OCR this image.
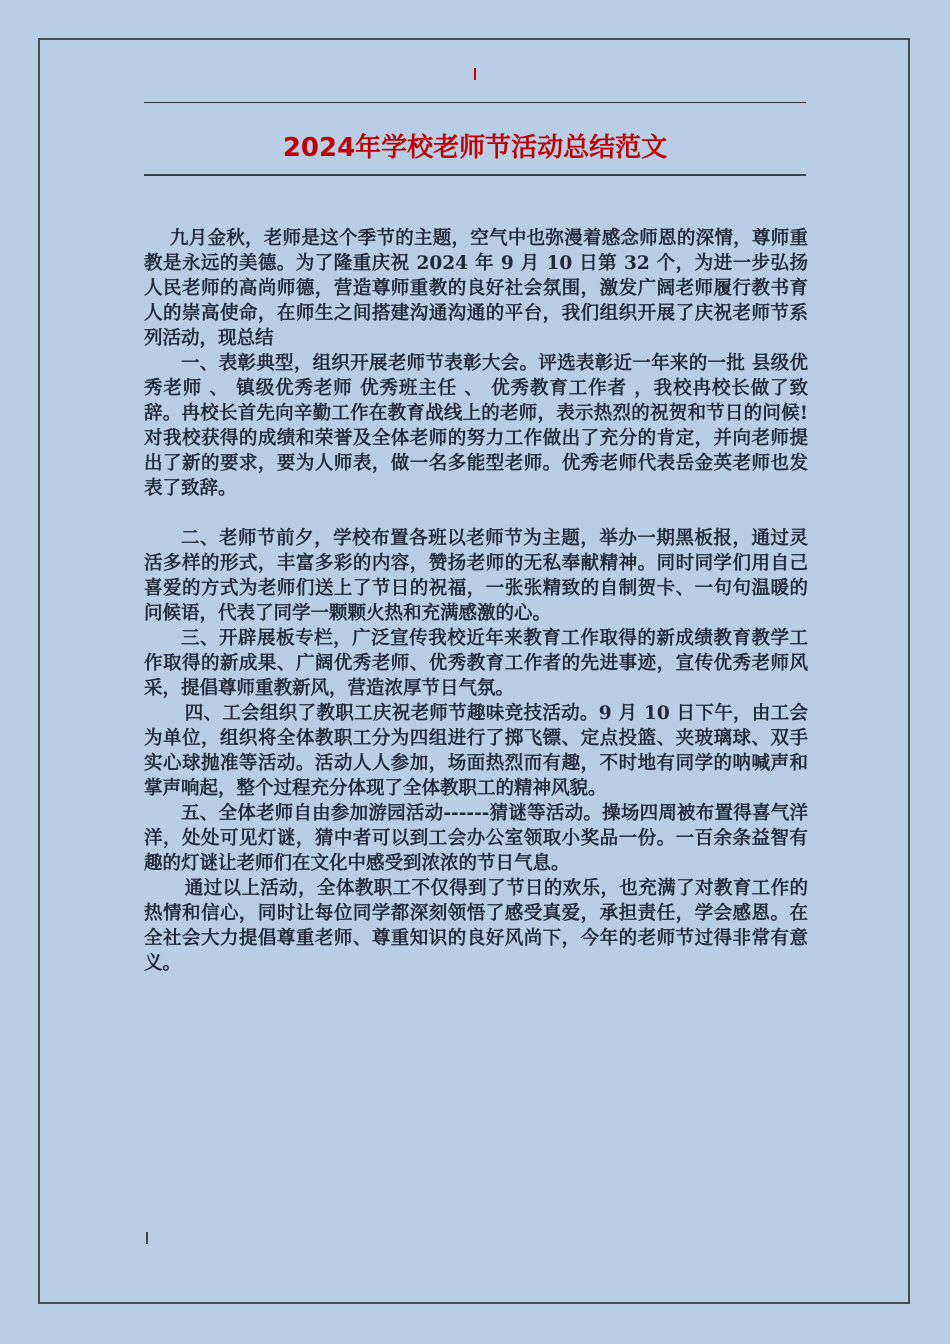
2024年学校老师节活动总结范文

九月金秋，老师是这个季节的主题，空气中也弥漫着感念师恩的深情，尊师重教是永远的美德。为了隆重庆祝 2024 年 9 月 10 日第 32 个，为进一步弘扬人民老师的高尚师德，营造尊师重教的良好社会氛围，激发广阔老师履行教书育人的崇高使命，在师生之间搭建沟通沟通的平台，我们组织开展了庆祝老师节系列活动，现总结

一、表彰典型，组织开展老师节表彰大会。评选表彰近一年来的一批 县级优秀老师 、 镇级优秀老师 优秀班主任 、 优秀教育工作者 ，我校冉校长做了致辞。冉校长首先向辛勤工作在教育战线上的老师，表示热烈的祝贺和节日的问候!对我校获得的成绩和荣誉及全体老师的努力工作做出了充分的肯定，并向老师提出了新的要求，要为人师表，做一名多能型老师。优秀老师代表岳金英老师也发表了致辞。

二、老师节前夕，学校布置各班以老师节为主题，举办一期黑板报，通过灵活多样的形式，丰富多彩的内容，赞扬老师的无私奉献精神。同时同学们用自己喜爱的方式为老师们送上了节日的祝福，一张张精致的自制贺卡、一句句温暖的问候语，代表了同学一颗颗火热和充满感激的心。

三、开辟展板专栏，广泛宣传我校近年来教育工作取得的新成绩教育教学工作取得的新成果、广阔优秀老师、优秀教育工作者的先进事迹，宣传优秀老师风采，提倡尊师重教新风，营造浓厚节日气氛。

四、工会组织了教职工庆祝老师节趣味竞技活动。9 月 10 日下午，由工会为单位，组织将全体教职工分为四组进行了掷飞镖、定点投篮、夹玻璃球、双手实心球抛准等活动。活动人人参加，场面热烈而有趣，不时地有同学的呐喊声和掌声响起，整个过程充分体现了全体教职工的精神风貌。

五、全体老师自由参加游园活动------猜谜等活动。操场四周被布置得喜气洋洋，处处可见灯谜，猜中者可以到工会办公室领取小奖品一份。一百余条益智有趣的灯谜让老师们在文化中感受到浓浓的节日气息。

通过以上活动，全体教职工不仅得到了节日的欢乐，也充满了对教育工作的热情和信心，同时让每位同学都深刻领悟了感受真爱，承担责任，学会感恩。在全社会大力提倡尊重老师、尊重知识的良好风尚下，今年的老师节过得非常有意义。
